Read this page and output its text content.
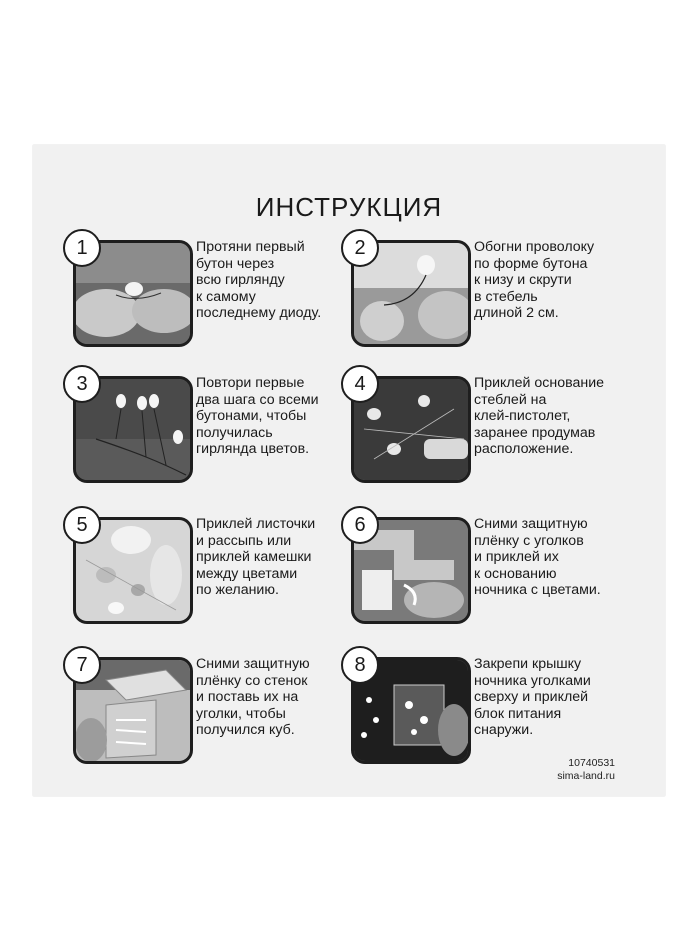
ИНСТРУКЦИЯ
1	Протяни первый
бутон через
всю гирлянду
к самому
последнему диоду.
2	Обогни проволоку
по форме бутона
к низу и скрути
в стебель
длиной 2 см.
3	Повтори первые
два шага со всеми
бутонами, чтобы
получилась
гирлянда цветов.
4	Приклей основание
стеблей на
клей-пистолет,
заранее продумав
расположение.
5	Приклей листочки
и рассыпь или
приклей камешки
между цветами
по желанию.
6	Сними защитную
плёнку с уголков
и приклей их
к основанию
ночника с цветами.
7	Сними защитную
плёнку со стенок
и поставь их на
уголки, чтобы
получился куб.
8	Закрепи крышку
ночника уголками
сверху и приклей
блок питания
снаружи.
10740531
sima-land.ru
